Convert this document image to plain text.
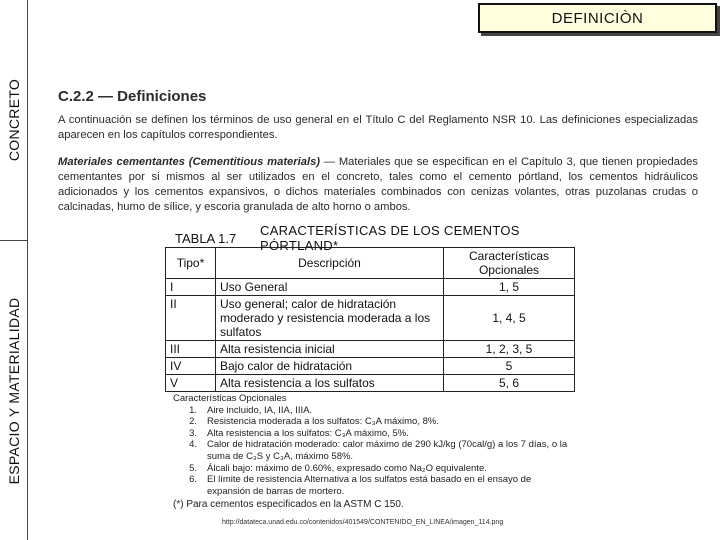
CONCRETO
ESPACIO Y MATERIALIDAD
DEFINICIÒN
C.2.2 — Definiciones

A continuación se definen los términos de uso general en el Título C del Reglamento NSR 10. Las definiciones especializadas aparecen en los capítulos correspondientes.

Materiales cementantes (Cementitious materials) — Materiales que se especifican en el Capítulo 3, que tienen propiedades cementantes por si mismos al ser utilizados en el concreto, tales como el cemento pórtland, los cementos hidráulicos adicionados y los cementos expansivos, o dichos materiales combinados con cenizas volantes, otras puzolanas crudas o calcinadas, humo de sílice, y escoria granulada de alto horno o ambos.

TABLA 1.7	CARACTERÍSTICAS DE LOS CEMENTOS PÓRTLAND*
Tipo*	Descripción	Características Opcionales
I	Uso General	1, 5
II	Uso general; calor de hidratación moderado y resistencia moderada a los sulfatos	1, 4, 5
III	Alta resistencia inicial	1, 2, 3, 5
IV	Bajo calor de hidratación	5
V	Alta resistencia a los sulfatos	5, 6
Características Opcionales
1.	Aire incluido, IA, IIA, IIIA.
2.	Resistencia moderada a los sulfatos: C₃A máximo, 8%.
3.	Alta resistencia a los sulfatos: C₃A máximo, 5%.
4.	Calor de hidratación moderado: calor máximo de 290 kJ/kg (70cal/g) a los 7 días, o la suma de C₃S y C₃A, máximo 58%.
5.	Álcali bajo: máximo de 0.60%, expresado como Na₂O equivalente.
6.	El límite de resistencia Alternativa a los sulfatos está basado en el ensayo de expansión de barras de mortero.
(*) Para cementos especificados en la ASTM C 150.
http://datateca.unad.edu.co/contenidos/401549/CONTENIDO_EN_LINEA/imagen_114.png
